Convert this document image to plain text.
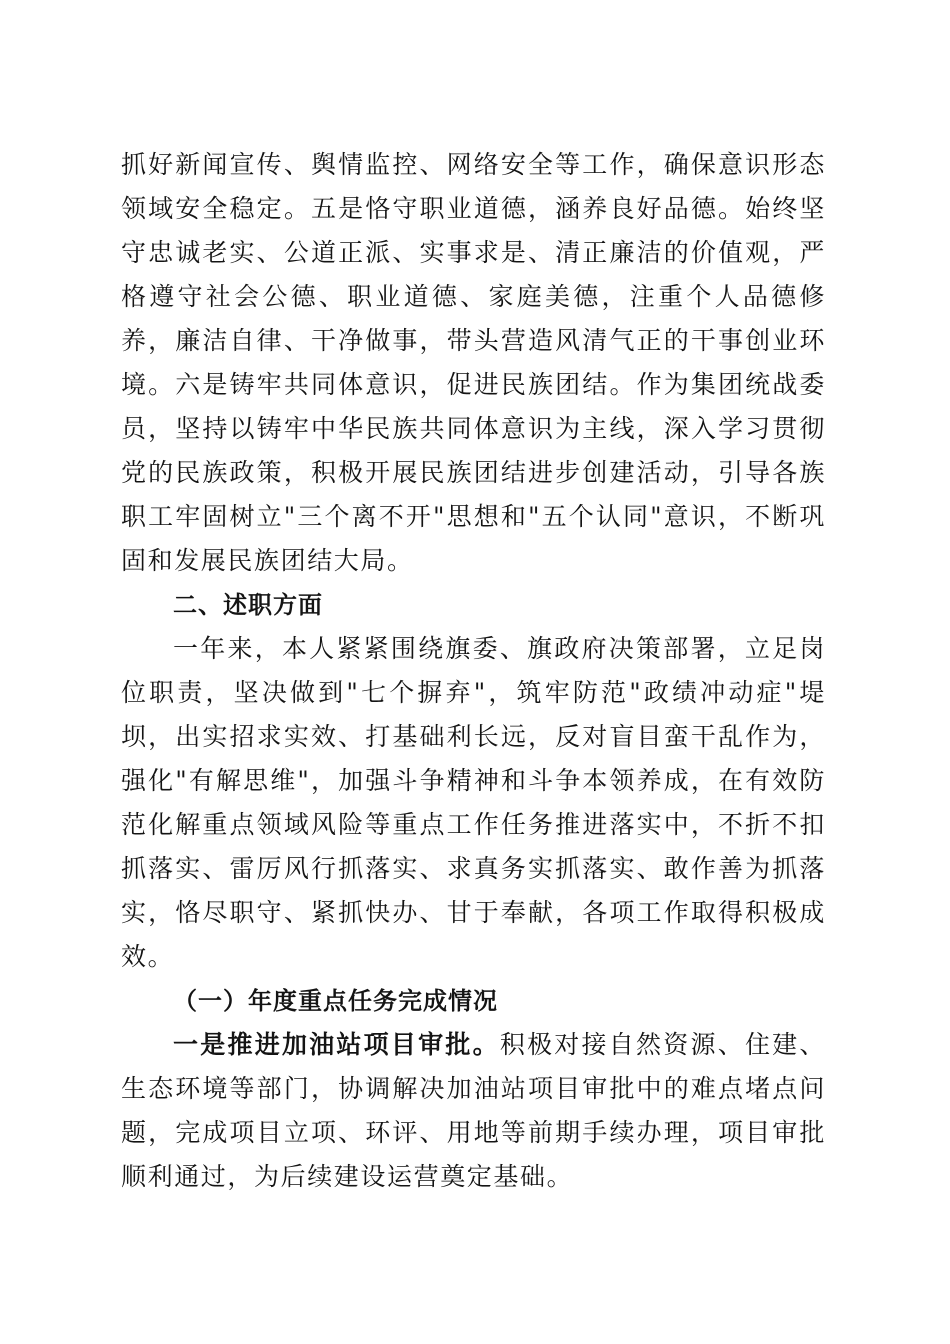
抓好新闻宣传、舆情监控、网络安全等工作，确保意识形态领域安全稳定。五是恪守职业道德，涵养良好品德。始终坚守忠诚老实、公道正派、实事求是、清正廉洁的价值观，严格遵守社会公德、职业道德、家庭美德，注重个人品德修养，廉洁自律、干净做事，带头营造风清气正的干事创业环境。六是铸牢共同体意识，促进民族团结。作为集团统战委员，坚持以铸牢中华民族共同体意识为主线，深入学习贯彻党的民族政策，积极开展民族团结进步创建活动，引导各族职工牢固树立"三个离不开"思想和"五个认同"意识，不断巩固和发展民族团结大局。

二、述职方面

一年来，本人紧紧围绕旗委、旗政府决策部署，立足岗位职责，坚决做到"七个摒弃"，筑牢防范"政绩冲动症"堤坝，出实招求实效、打基础利长远，反对盲目蛮干乱作为，强化"有解思维"，加强斗争精神和斗争本领养成，在有效防范化解重点领域风险等重点工作任务推进落实中，不折不扣抓落实、雷厉风行抓落实、求真务实抓落实、敢作善为抓落实，恪尽职守、紧抓快办、甘于奉献，各项工作取得积极成效。

（一）年度重点任务完成情况

一是推进加油站项目审批。积极对接自然资源、住建、生态环境等部门，协调解决加油站项目审批中的难点堵点问题，完成项目立项、环评、用地等前期手续办理，项目审批顺利通过，为后续建设运营奠定基础。
